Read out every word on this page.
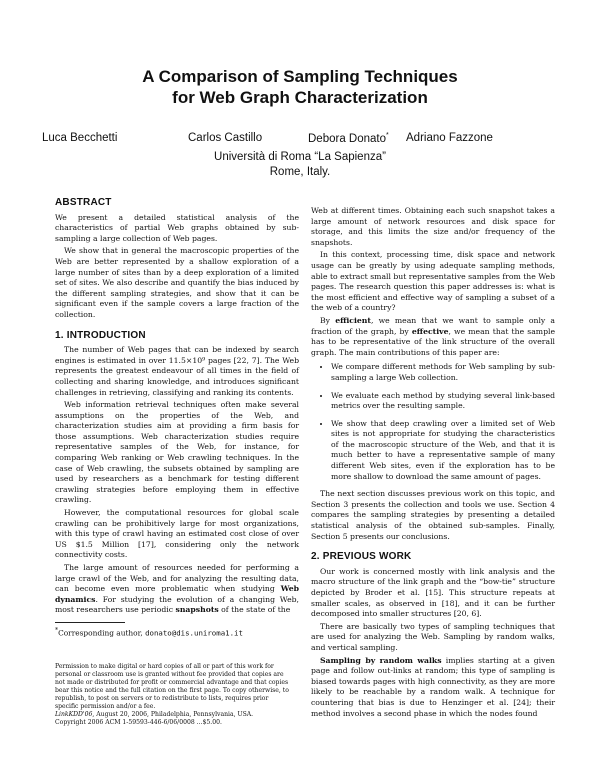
A Comparison of Sampling Techniques
for Web Graph Characterization
Luca Becchetti	Carlos Castillo	Debora Donato* Adriano Fazzone
Università di Roma “La Sapienza”
Rome, Italy.
ABSTRACT

We present a detailed statistical analysis of the characteristics of partial Web graphs obtained by sub-sampling a large collection of Web pages.

We show that in general the macroscopic properties of the Web are better represented by a shallow exploration of a large number of sites than by a deep exploration of a limited set of sites. We also describe and quantify the bias induced by the different sampling strategies, and show that it can be significant even if the sample covers a large fraction of the collection.

1. INTRODUCTION

The number of Web pages that can be indexed by search engines is estimated in over 11.5×10⁹ pages [22, 7]. The Web represents the greatest endeavour of all times in the field of collecting and sharing knowledge, and introduces significant challenges in retrieving, classifying and ranking its contents.

Web information retrieval techniques often make several assumptions on the properties of the Web, and characterization studies aim at providing a firm basis for those assumptions. Web characterization studies require representative samples of the Web, for instance, for comparing Web ranking or Web crawling techniques. In the case of Web crawling, the subsets obtained by sampling are used by researchers as a benchmark for testing different crawling strategies before employing them in effective crawling.

However, the computational resources for global scale crawling can be prohibitively large for most organizations, with this type of crawl having an estimated cost close of over US $1.5 Million [17], considering only the network connectivity costs.

The large amount of resources needed for performing a large crawl of the Web, and for analyzing the resulting data, can become even more problematic when studying Web dynamics. For studying the evolution of a changing Web, most researchers use periodic snapshots of the state of the

*Corresponding author, donato@dis.uniroma1.it
Permission to make digital or hard copies of all or part of this work for personal or classroom use is granted without fee provided that copies are not made or distributed for profit or commercial advantage and that copies bear this notice and the full citation on the first page. To copy otherwise, to republish, to post on servers or to redistribute to lists, requires prior specific permission and/or a fee.
LinkKDD'06, August 20, 2006, Philadelphia, Pennsylvania, USA.
Copyright 2006 ACM 1-59593-446-6/06/0008 ...$5.00.

Web at different times. Obtaining each such snapshot takes a large amount of network resources and disk space for storage, and this limits the size and/or frequency of the snapshots.

In this context, processing time, disk space and network usage can be greatly by using adequate sampling methods, able to extract small but representative samples from the Web pages. The research question this paper addresses is: what is the most efficient and effective way of sampling a subset of a the web of a country?

By efficient, we mean that we want to sample only a fraction of the graph, by effective, we mean that the sample has to be representative of the link structure of the overall graph. The main contributions of this paper are:

• We compare different methods for Web sampling by sub-sampling a large Web collection.
• We evaluate each method by studying several link-based metrics over the resulting sample.
• We show that deep crawling over a limited set of Web sites is not appropriate for studying the characteristics of the macroscopic structure of the Web, and that it is much better to have a representative sample of many different Web sites, even if the exploration has to be more shallow to download the same amount of pages.

The next section discusses previous work on this topic, and Section 3 presents the collection and tools we use. Section 4 compares the sampling strategies by presenting a detailed statistical analysis of the obtained sub-samples. Finally, Section 5 presents our conclusions.

2. PREVIOUS WORK

Our work is concerned mostly with link analysis and the macro structure of the link graph and the “bow-tie” structure depicted by Broder et al. [15]. This structure repeats at smaller scales, as observed in [18], and it can be further decomposed into smaller structures [20, 6].

There are basically two types of sampling techniques that are used for analyzing the Web. Sampling by random walks, and vertical sampling.

Sampling by random walks implies starting at a given page and follow out-links at random; this type of sampling is biased towards pages with high connectivity, as they are more likely to be reachable by a random walk. A technique for countering that bias is due to Henzinger et al. [24]; their method involves a second phase in which the nodes found
